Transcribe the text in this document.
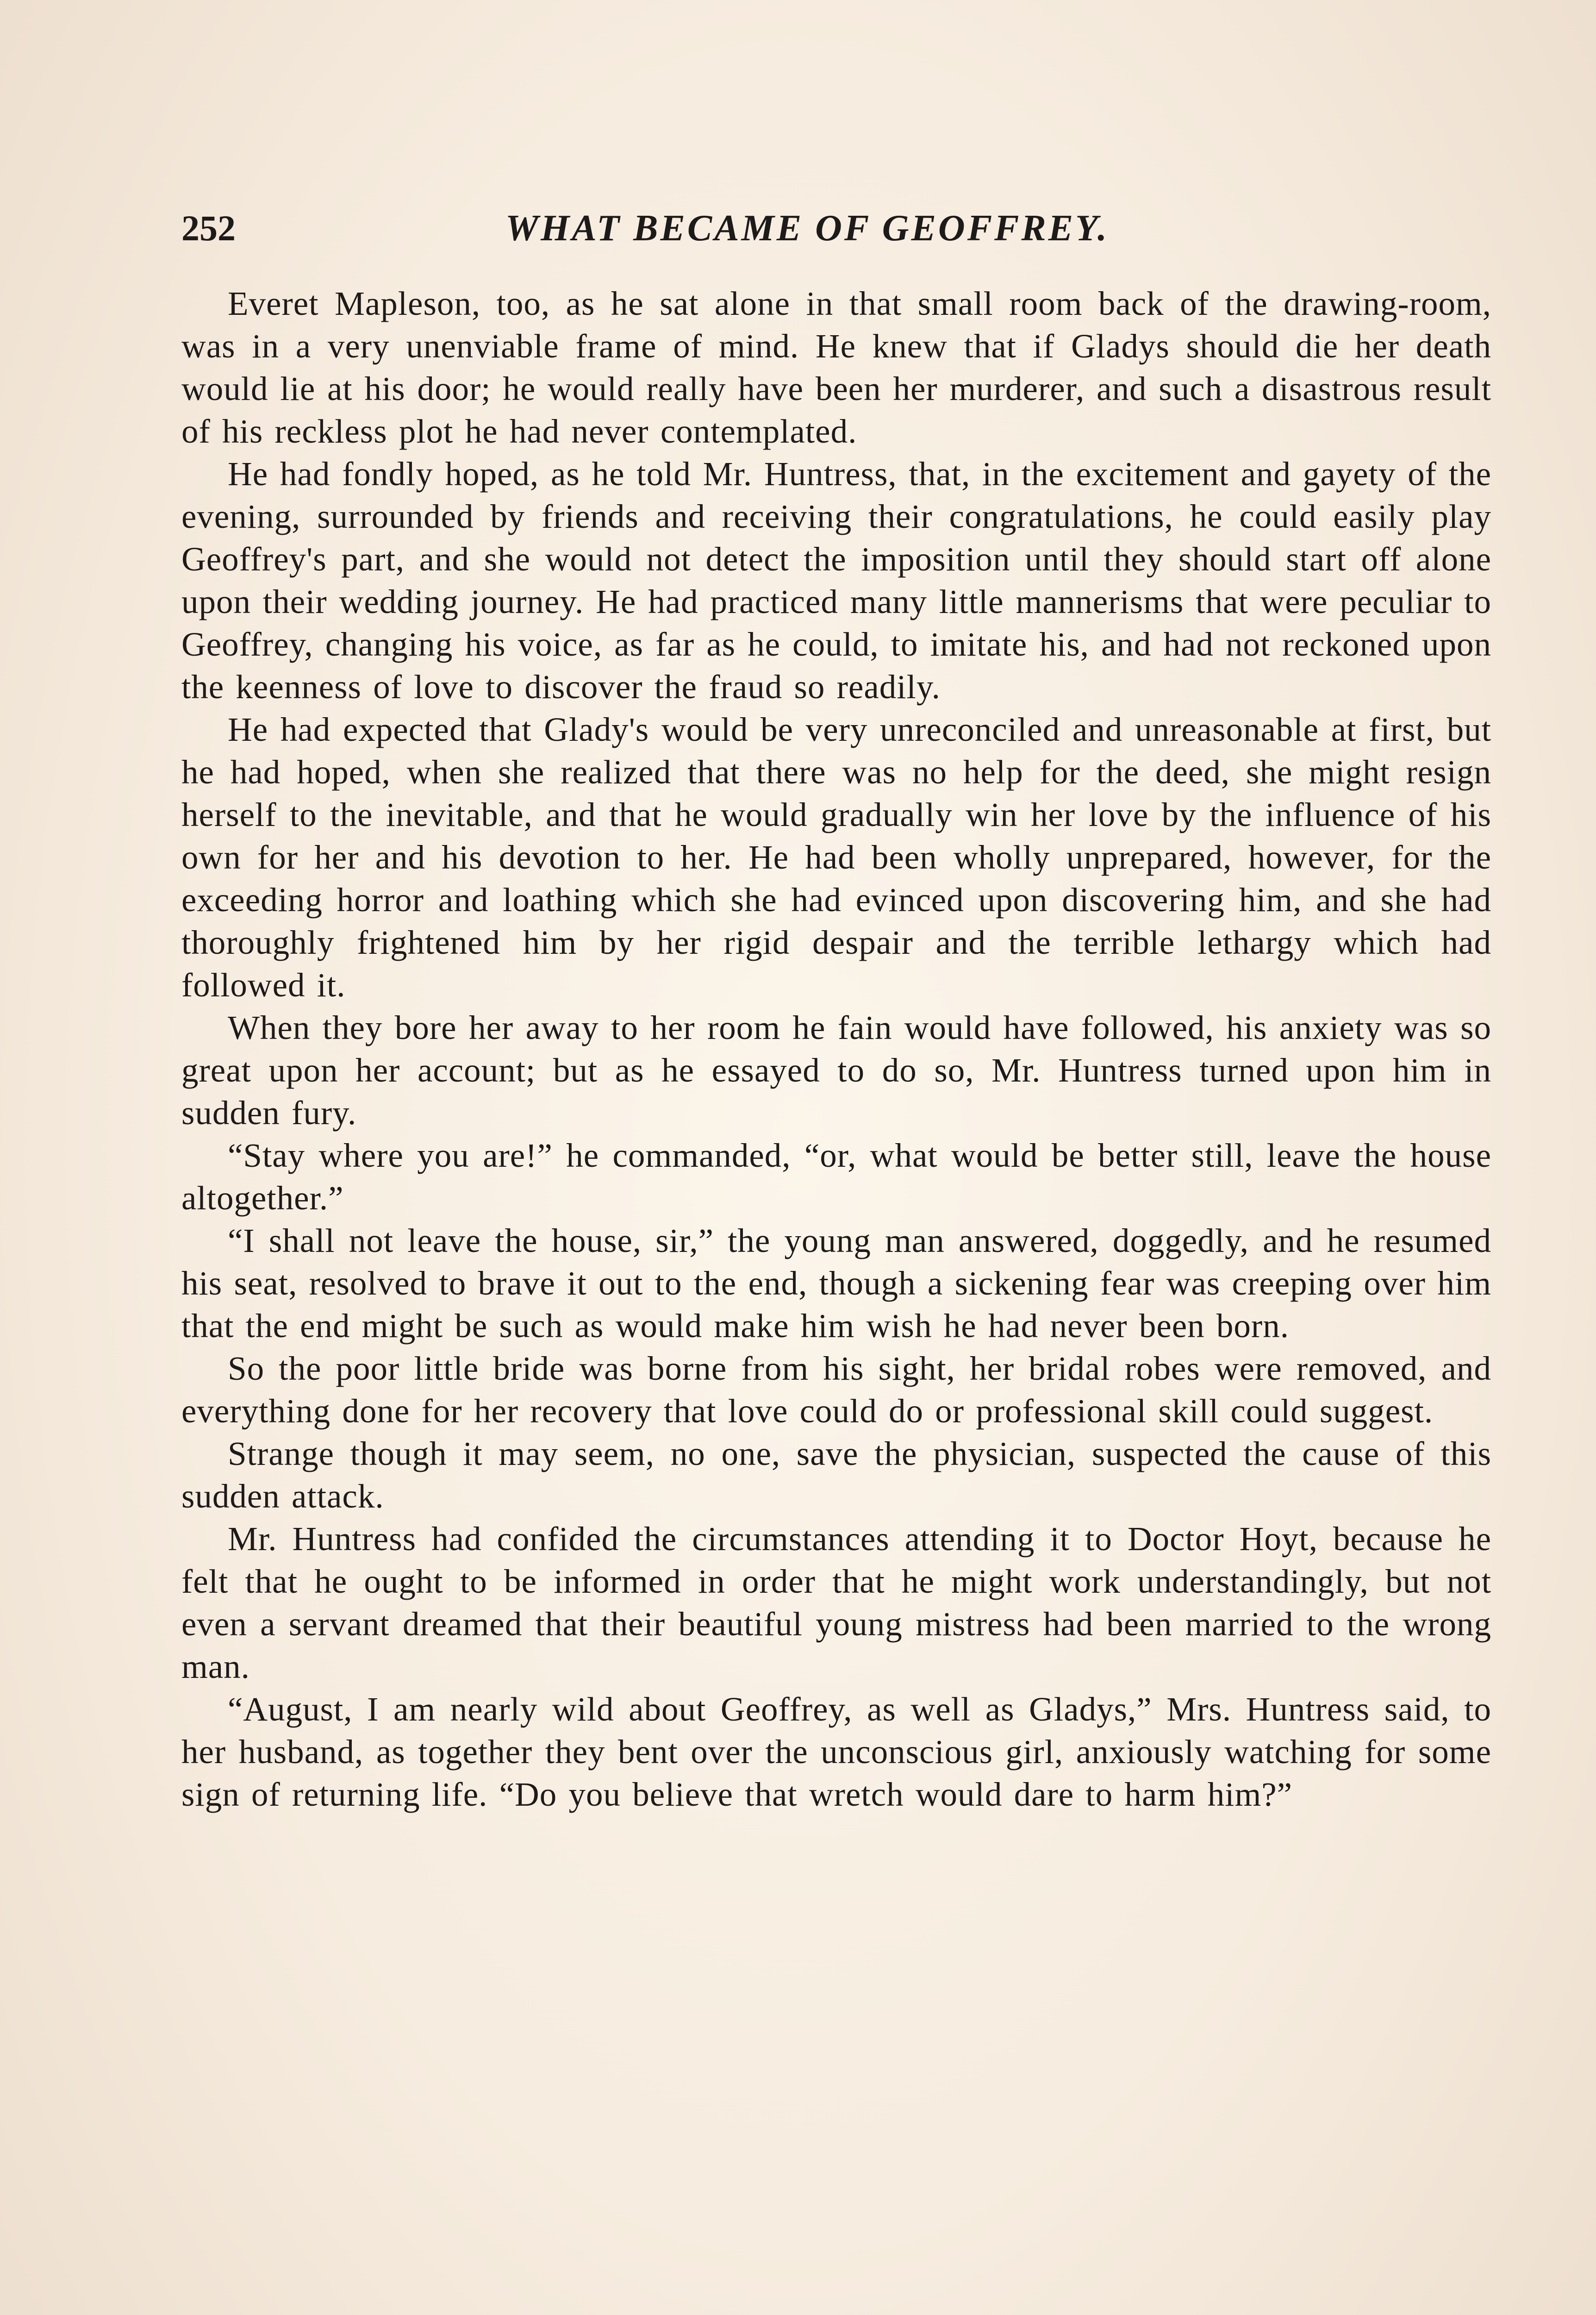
252	WHAT BECAME OF GEOFFREY.

Everet Mapleson, too, as he sat alone in that small room back of the drawing-room, was in a very unenviable frame of mind. He knew that if Gladys should die her death would lie at his door; he would really have been her murderer, and such a disastrous result of his reckless plot he had never contemplated.

He had fondly hoped, as he told Mr. Huntress, that, in the excitement and gayety of the evening, surrounded by friends and receiving their congratulations, he could easily play Geoffrey's part, and she would not detect the imposition until they should start off alone upon their wedding journey. He had practiced many little mannerisms that were peculiar to Geoffrey, changing his voice, as far as he could, to imitate his, and had not reckoned upon the keenness of love to discover the fraud so readily.

He had expected that Glady's would be very unreconciled and unreasonable at first, but he had hoped, when she realized that there was no help for the deed, she might resign herself to the inevitable, and that he would gradually win her love by the influence of his own for her and his devotion to her. He had been wholly unprepared, however, for the exceeding horror and loathing which she had evinced upon discovering him, and she had thoroughly frightened him by her rigid despair and the terrible lethargy which had followed it.

When they bore her away to her room he fain would have followed, his anxiety was so great upon her account; but as he essayed to do so, Mr. Huntress turned upon him in sudden fury.

“Stay where you are!” he commanded, “or, what would be better still, leave the house altogether.”

“I shall not leave the house, sir,” the young man answered, doggedly, and he resumed his seat, resolved to brave it out to the end, though a sickening fear was creeping over him that the end might be such as would make him wish he had never been born.

So the poor little bride was borne from his sight, her bridal robes were removed, and everything done for her recovery that love could do or professional skill could suggest.

Strange though it may seem, no one, save the physician, suspected the cause of this sudden attack.

Mr. Huntress had confided the circumstances attending it to Doctor Hoyt, because he felt that he ought to be informed in order that he might work understandingly, but not even a servant dreamed that their beautiful young mistress had been married to the wrong man.

“August, I am nearly wild about Geoffrey, as well as Gladys,” Mrs. Huntress said, to her husband, as together they bent over the unconscious girl, anxiously watching for some sign of returning life. “Do you believe that wretch would dare to harm him?”
